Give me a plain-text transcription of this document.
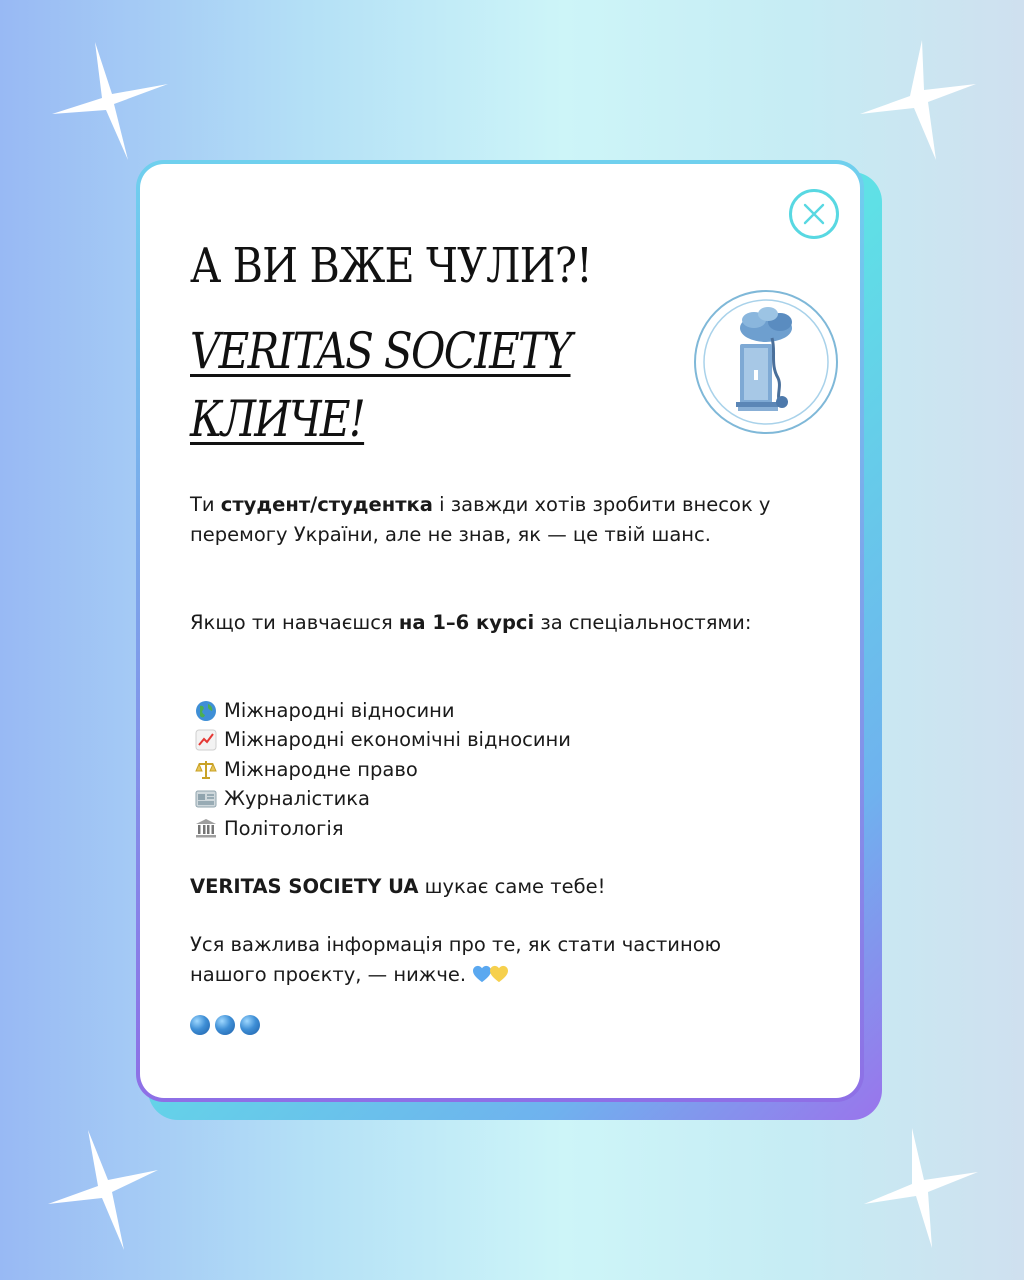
А ВИ ВЖЕ ЧУЛИ?!
VERITAS SOCIETY
КЛИЧЕ!

Ти студент/студентка і завжди хотів зробити внесок у перемогу України, але не знав, як — це твій шанс.

Якщо ти навчаєшся на 1–6 курсі за спеціальностями:

Міжнародні відносини
Міжнародні економічні відносини
Міжнародне право
Журналістика
Політологія

VERITAS SOCIETY UA шукає саме тебе!

Уся важлива інформація про те, як стати частиною нашого проєкту, — нижче.
